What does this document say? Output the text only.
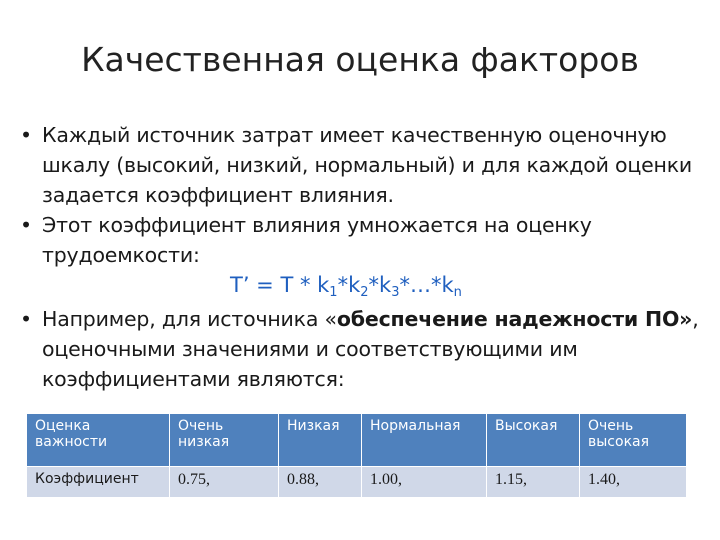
Качественная оценка факторов
• Каждый источник затрат имеет качественную оценочную шкалу (высокий, низкий, нормальный) и для каждой оценки задается коэффициент влияния.
• Этот коэффициент влияния умножается на оценку трудоемкости:
T’ = T * $k_1*k_2*k_3*\dots*k_n$
• Например, для источника «обеспечение надежности ПО», оценочными значениями и соответствующими им коэффициентами являются:
Оценка важности	Очень низкая	Низкая	Нормальная	Высокая	Очень высокая
Коэффициент	0.75,	0.88,	1.00,	1.15,	1.40,
